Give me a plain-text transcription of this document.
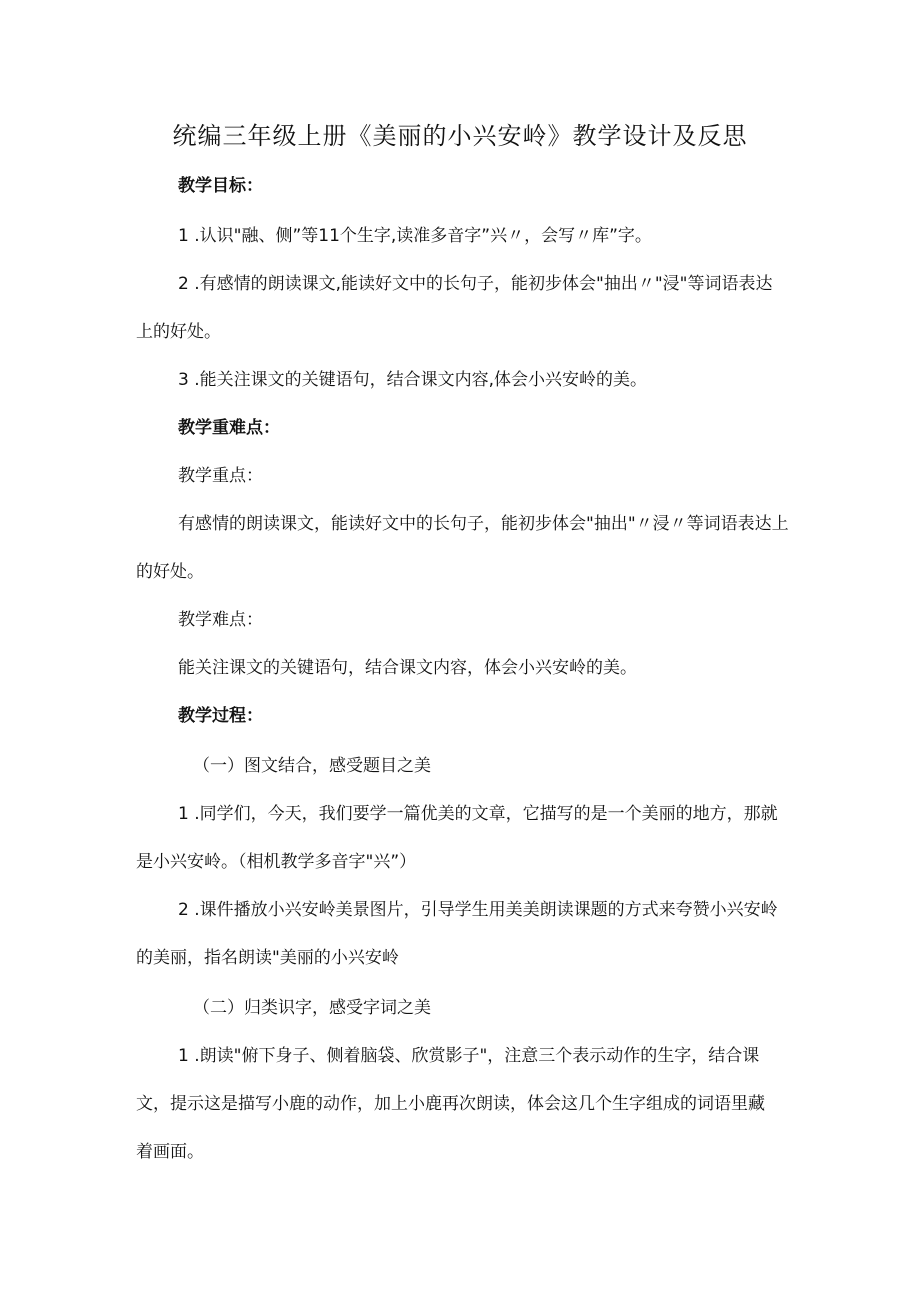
统编三年级上册《美丽的小兴安岭》教学设计及反思

教学目标：

1 .认识"融、侧”等11个生字,读准多音字”兴〃，会写〃库”字。

2 .有感情的朗读课文,能读好文中的长句子，能初步体会"抽出〃"浸"等词语表达

上的好处。

3 .能关注课文的关键语句，结合课文内容,体会小兴安岭的美。

教学重难点：

教学重点：

有感情的朗读课文，能读好文中的长句子，能初步体会"抽出"〃浸〃等词语表达上

的好处。

教学难点：

能关注课文的关键语句，结合课文内容，体会小兴安岭的美。

教学过程：

（一）图文结合，感受题目之美

1 .同学们，今天，我们要学一篇优美的文章，它描写的是一个美丽的地方，那就

是小兴安岭。（相机教学多音字"兴”）

2 .课件播放小兴安岭美景图片，引导学生用美美朗读课题的方式来夸赞小兴安岭

的美丽，指名朗读"美丽的小兴安岭

（二）归类识字，感受字词之美

1 .朗读"俯下身子、侧着脑袋、欣赏影子"，注意三个表示动作的生字，结合课

文，提示这是描写小鹿的动作，加上小鹿再次朗读，体会这几个生字组成的词语里藏

着画面。
